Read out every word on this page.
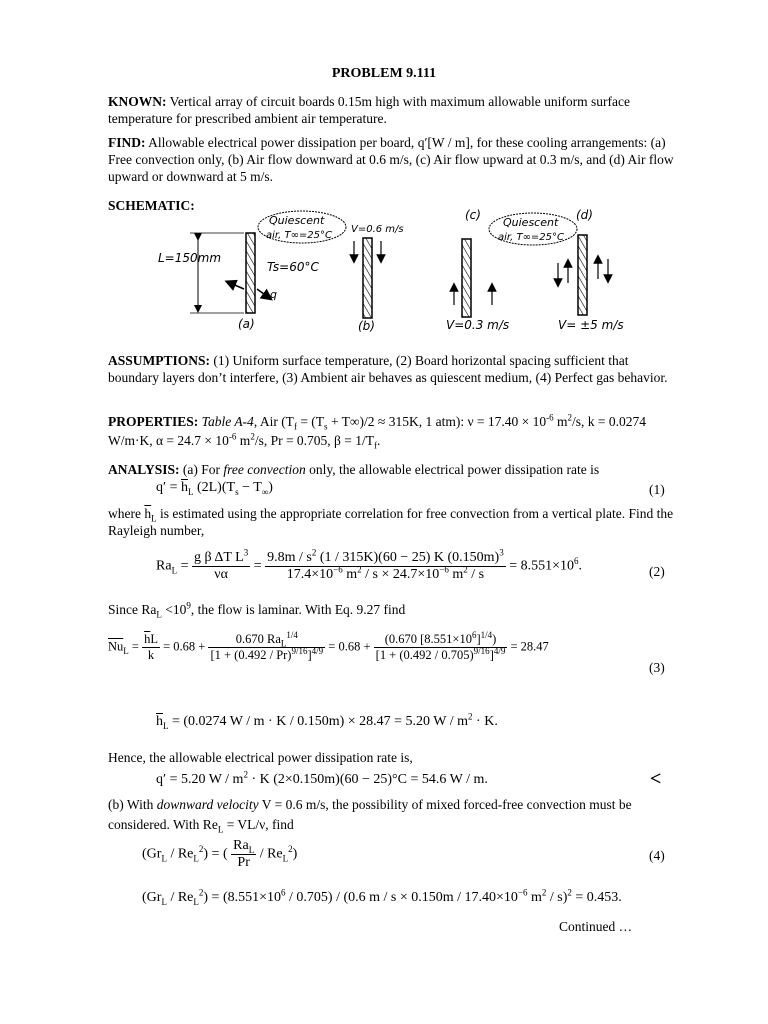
PROBLEM 9.111
KNOWN: Vertical array of circuit boards 0.15m high with maximum allowable uniform surface temperature for prescribed ambient air temperature.
FIND: Allowable electrical power dissipation per board, q′[W / m], for these cooling arrangements: (a) Free convection only, (b) Air flow downward at 0.6 m/s, (c) Air flow upward at 0.3 m/s, and (d) Air flow upward or downward at 5 m/s.
SCHEMATIC:
L=150mm
Ts=60°C
q
(a)
Quiescent
air, T∞=25°C
V=0.6 m/s
(b)
(c)
V=0.3 m/s
Quiescent
air, T∞=25°C
(d)
V= ±5 m/s
ASSUMPTIONS: (1) Uniform surface temperature, (2) Board horizontal spacing sufficient that boundary layers don’t interfere, (3) Ambient air behaves as quiescent medium, (4) Perfect gas behavior.
PROPERTIES: Table A-4, Air ($T_f = (T_s + T\infty)/2 \approx 315K$, 1 atm): $\nu = 17.40 \times 10^{-6}$ $m^2/s$, k = 0.0274 W/m·K, $\alpha = 24.7 \times 10^{-6}$ $m^2/s$, Pr = 0.705, $\beta = 1/T_f$.
ANALYSIS: (a) For free convection only, the allowable electrical power dissipation rate is
$q' = \overline{h}_L$ $(2L)(T_s - T_\infty)$	(1)
where $\overline{h}_L$ is estimated using the appropriate correlation for free convection from a vertical plate. Find the Rayleigh number,
$Ra_L = \frac{g \beta \Delta T L^3}{\nu\alpha} = \frac{9.8m / s^2 (1 / 315K)(60 - 25) K (0.150m)^3}{17.4\times 10^{-6} m^2 / s \times 24.7\times 10^{-6} m^2 / s} = 8.551\times 10^6$.	(2)
Since $Ra_L <10^9$, the flow is laminar. With Eq. 9.27 find
$\overline{Nu}_L = \frac{\overline{h}L}{k} = 0.68 + \frac{0.670 Ra_L^{1/4}}{[1 + (0.492 / Pr)^{9/16}]^{4/9}} = 0.68 + \frac{(0.670 [8.551\times 10^6]^{1/4})}{[1 + (0.492 / 0.705)^{9/16}]^{4/9}} = 28.47$
(3)
$\overline{h}_L = (0.0274$ W / m · K / 0.150m) × 28.47 = 5.20 $W / m^2 \cdot K$.
Hence, the allowable electrical power dissipation rate is,
q′ = 5.20 $W / m^2 \cdot K$ (2×0.150m)(60 − 25)°C = 54.6 W / m.	<
(b) With downward velocity V = 0.6 m/s, the possibility of mixed forced-free convection must be considered. With $Re_L = VL/\nu$, find
$(Gr_L / Re_L^2)$ = ( $\frac{Ra_L}{Pr} / Re_L^2$)	(4)
$(Gr_L / Re_L^2) = (8.551\times 10^6 / 0.705) / (0.6$ $m / s \times 0.150m / 17.40\times 10^{-6}$ $m^2 / s)^2 = 0.453$.
Continued …
